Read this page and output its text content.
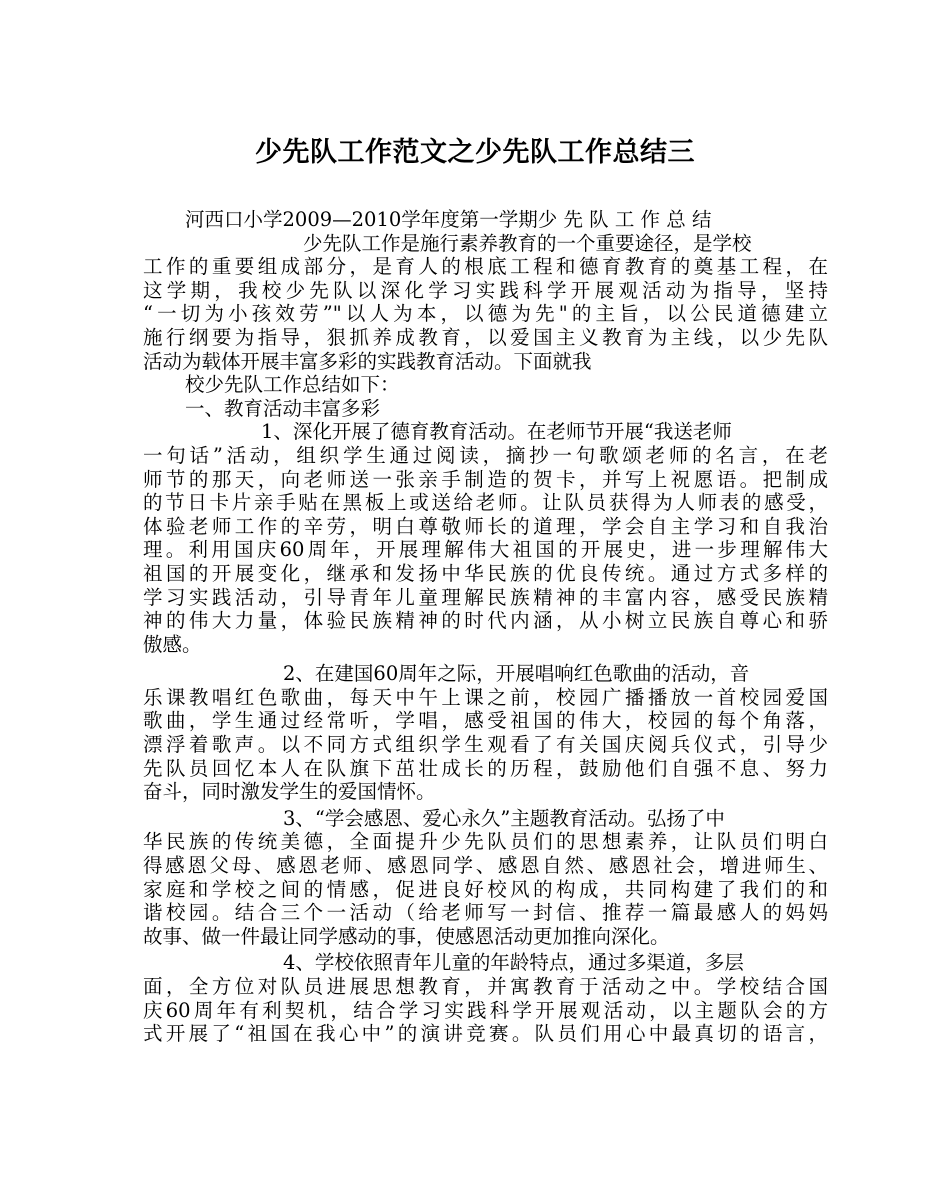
少先队工作范文之少先队工作总结三
河西口小学2009—2010学年度第一学期少 先 队 工 作 总 结
少先队工作是施行素养教育的一个重要途径，是学校
工作的重要组成部分，是育人的根底工程和德育教育的奠基工程，在
这学期，我校少先队以深化学习实践科学开展观活动为指导，坚持
“一切为小孩效劳”"以人为本，以德为先"的主旨，以公民道德建立
施行纲要为指导，狠抓养成教育，以爱国主义教育为主线，以少先队
活动为载体开展丰富多彩的实践教育活动。下面就我
校少先队工作总结如下：
一、教育活动丰富多彩
1、深化开展了德育教育活动。在老师节开展“我送老师
一句话”活动，组织学生通过阅读，摘抄一句歌颂老师的名言，在老
师节的那天，向老师送一张亲手制造的贺卡，并写上祝愿语。把制成
的节日卡片亲手贴在黑板上或送给老师。让队员获得为人师表的感受，
体验老师工作的辛劳，明白尊敬师长的道理，学会自主学习和自我治
理。利用国庆60周年，开展理解伟大祖国的开展史，进一步理解伟大
祖国的开展变化，继承和发扬中华民族的优良传统。通过方式多样的
学习实践活动，引导青年儿童理解民族精神的丰富内容，感受民族精
神的伟大力量，体验民族精神的时代内涵，从小树立民族自尊心和骄
傲感。
2、在建国60周年之际，开展唱响红色歌曲的活动，音
乐课教唱红色歌曲，每天中午上课之前，校园广播播放一首校园爱国
歌曲，学生通过经常听，学唱，感受祖国的伟大，校园的每个角落，
漂浮着歌声。以不同方式组织学生观看了有关国庆阅兵仪式，引导少
先队员回忆本人在队旗下茁壮成长的历程，鼓励他们自强不息、努力
奋斗，同时激发学生的爱国情怀。
3、“学会感恩、爱心永久”主题教育活动。弘扬了中
华民族的传统美德，全面提升少先队员们的思想素养，让队员们明白
得感恩父母、感恩老师、感恩同学、感恩自然、感恩社会，增进师生、
家庭和学校之间的情感，促进良好校风的构成，共同构建了我们的和
谐校园。结合三个一活动（给老师写一封信、推荐一篇最感人的妈妈
故事、做一件最让同学感动的事，使感恩活动更加推向深化。
4、学校依照青年儿童的年龄特点，通过多渠道，多层
面，全方位对队员进展思想教育，并寓教育于活动之中。学校结合国
庆60周年有利契机，结合学习实践科学开展观活动，以主题队会的方
式开展了“祖国在我心中”的演讲竞赛。队员们用心中最真切的语言，
